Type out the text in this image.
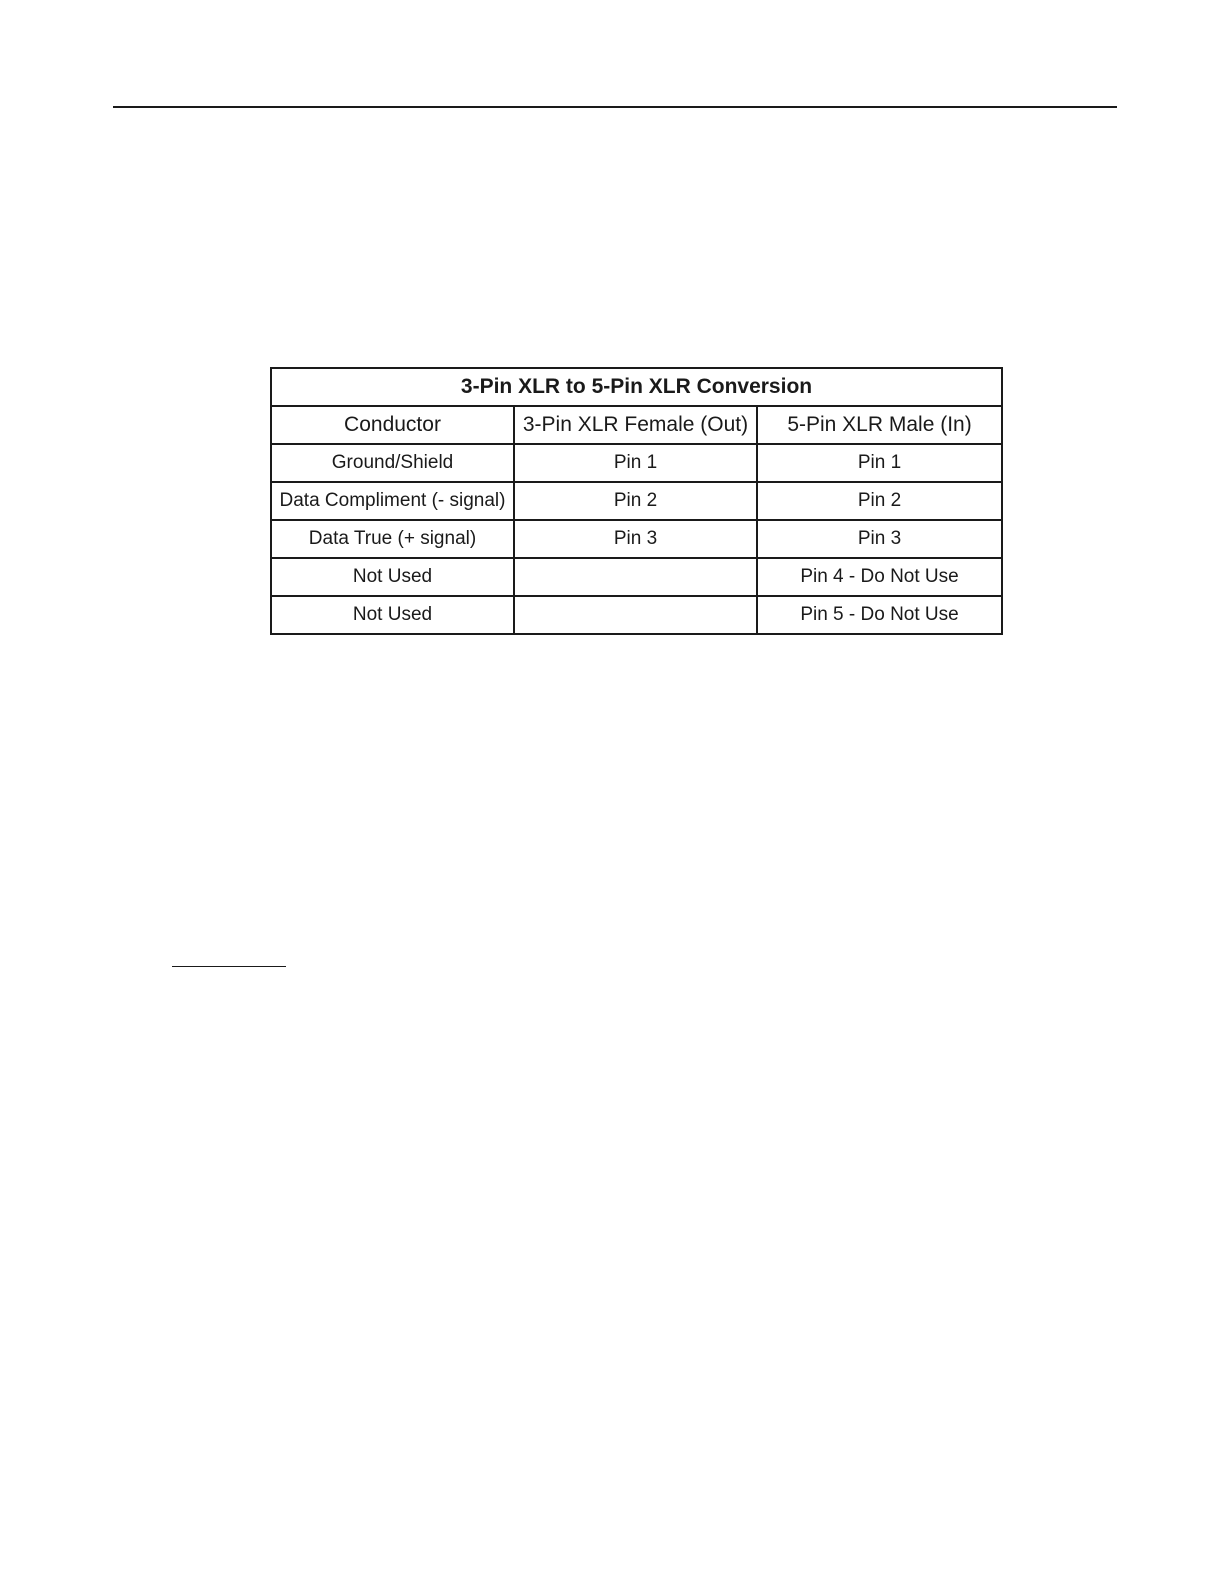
3-Pin XLR to 5-Pin XLR Conversion		
Conductor	3-Pin XLR Female (Out)	5-Pin XLR Male (In)
Ground/Shield	Pin 1	Pin 1
Data Compliment (- signal)	Pin 2	Pin 2
Data True (+ signal)	Pin 3	Pin 3
Not Used		Pin 4 - Do Not Use
Not Used		Pin 5 - Do Not Use
